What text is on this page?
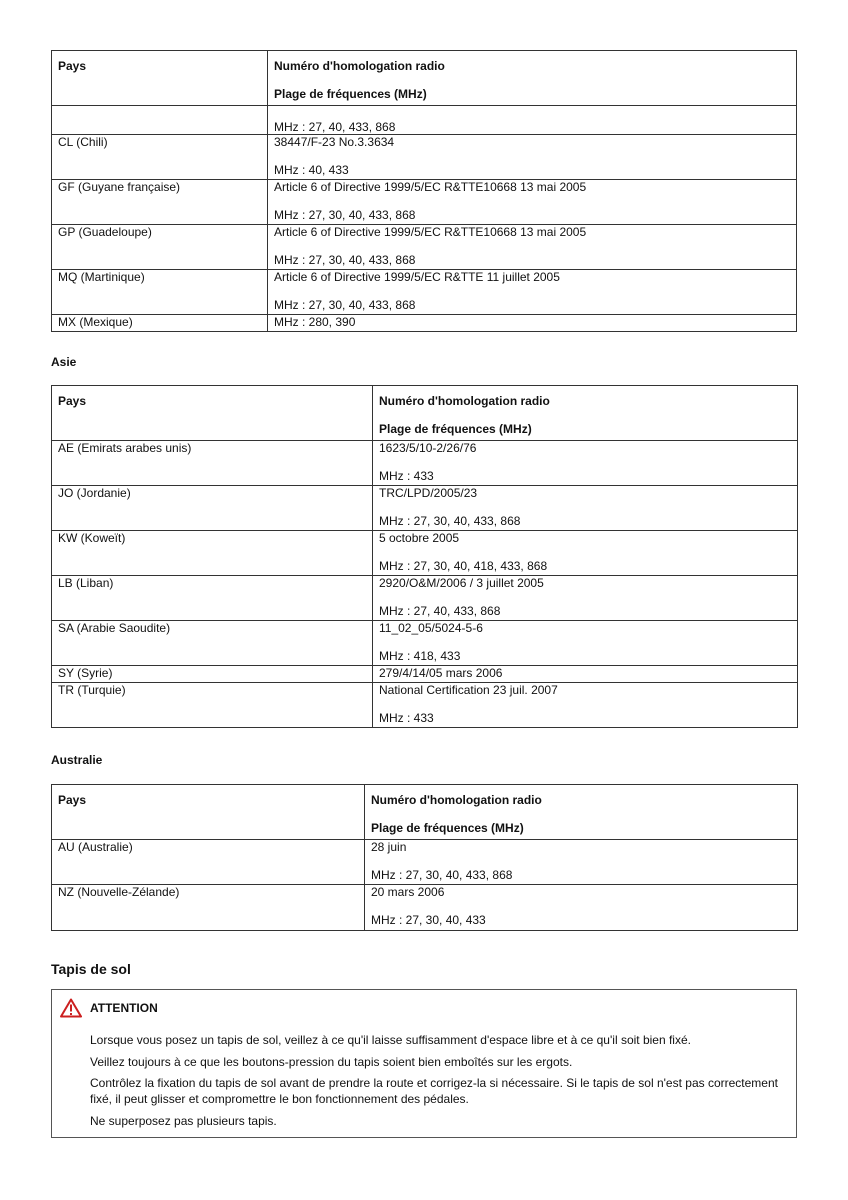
Pays	Numéro d'homologation radio
Plage de fréquences (MHz)

	MHz : 27, 40, 433, 868
CL (Chili)	38447/F-23 No.3.3634
MHz : 40, 433

GF (Guyane française)	Article 6 of Directive 1999/5/EC R&TTE10668 13 mai 2005
MHz : 27, 30, 40, 433, 868

GP (Guadeloupe)	Article 6 of Directive 1999/5/EC R&TTE10668 13 mai 2005
MHz : 27, 30, 40, 433, 868

MQ (Martinique)	Article 6 of Directive 1999/5/EC R&TTE 11 juillet 2005
MHz : 27, 30, 40, 433, 868

MX (Mexique)	MHz : 280, 390
Asie
Pays	Numéro d'homologation radio
Plage de fréquences (MHz)

AE (Emirats arabes unis)	1623/5/10-2/26/76
MHz : 433

JO (Jordanie)	TRC/LPD/2005/23
MHz : 27, 30, 40, 433, 868

KW (Koweït)	5 octobre 2005
MHz : 27, 30, 40, 418, 433, 868

LB (Liban)	2920/O&M/2006 / 3 juillet 2005
MHz : 27, 40, 433, 868

SA (Arabie Saoudite)	11_02_05/5024-5-6
MHz : 418, 433

SY (Syrie)	279/4/14/05 mars 2006
TR (Turquie)	National Certification 23 juil. 2007
MHz : 433
Australie
Pays	Numéro d'homologation radio
Plage de fréquences (MHz)

AU (Australie)	28 juin
MHz : 27, 30, 40, 433, 868

NZ (Nouvelle-Zélande)	20 mars 2006
MHz : 27, 30, 40, 433
Tapis de sol
ATTENTION

Lorsque vous posez un tapis de sol, veillez à ce qu'il laisse suffisamment d'espace libre et à ce qu'il soit bien fixé.

Veillez toujours à ce que les boutons-pression du tapis soient bien emboîtés sur les ergots.

Contrôlez la fixation du tapis de sol avant de prendre la route et corrigez-la si nécessaire. Si le tapis de sol n'est pas correctement fixé, il peut glisser et compromettre le bon fonctionnement des pédales.

Ne superposez pas plusieurs tapis.
